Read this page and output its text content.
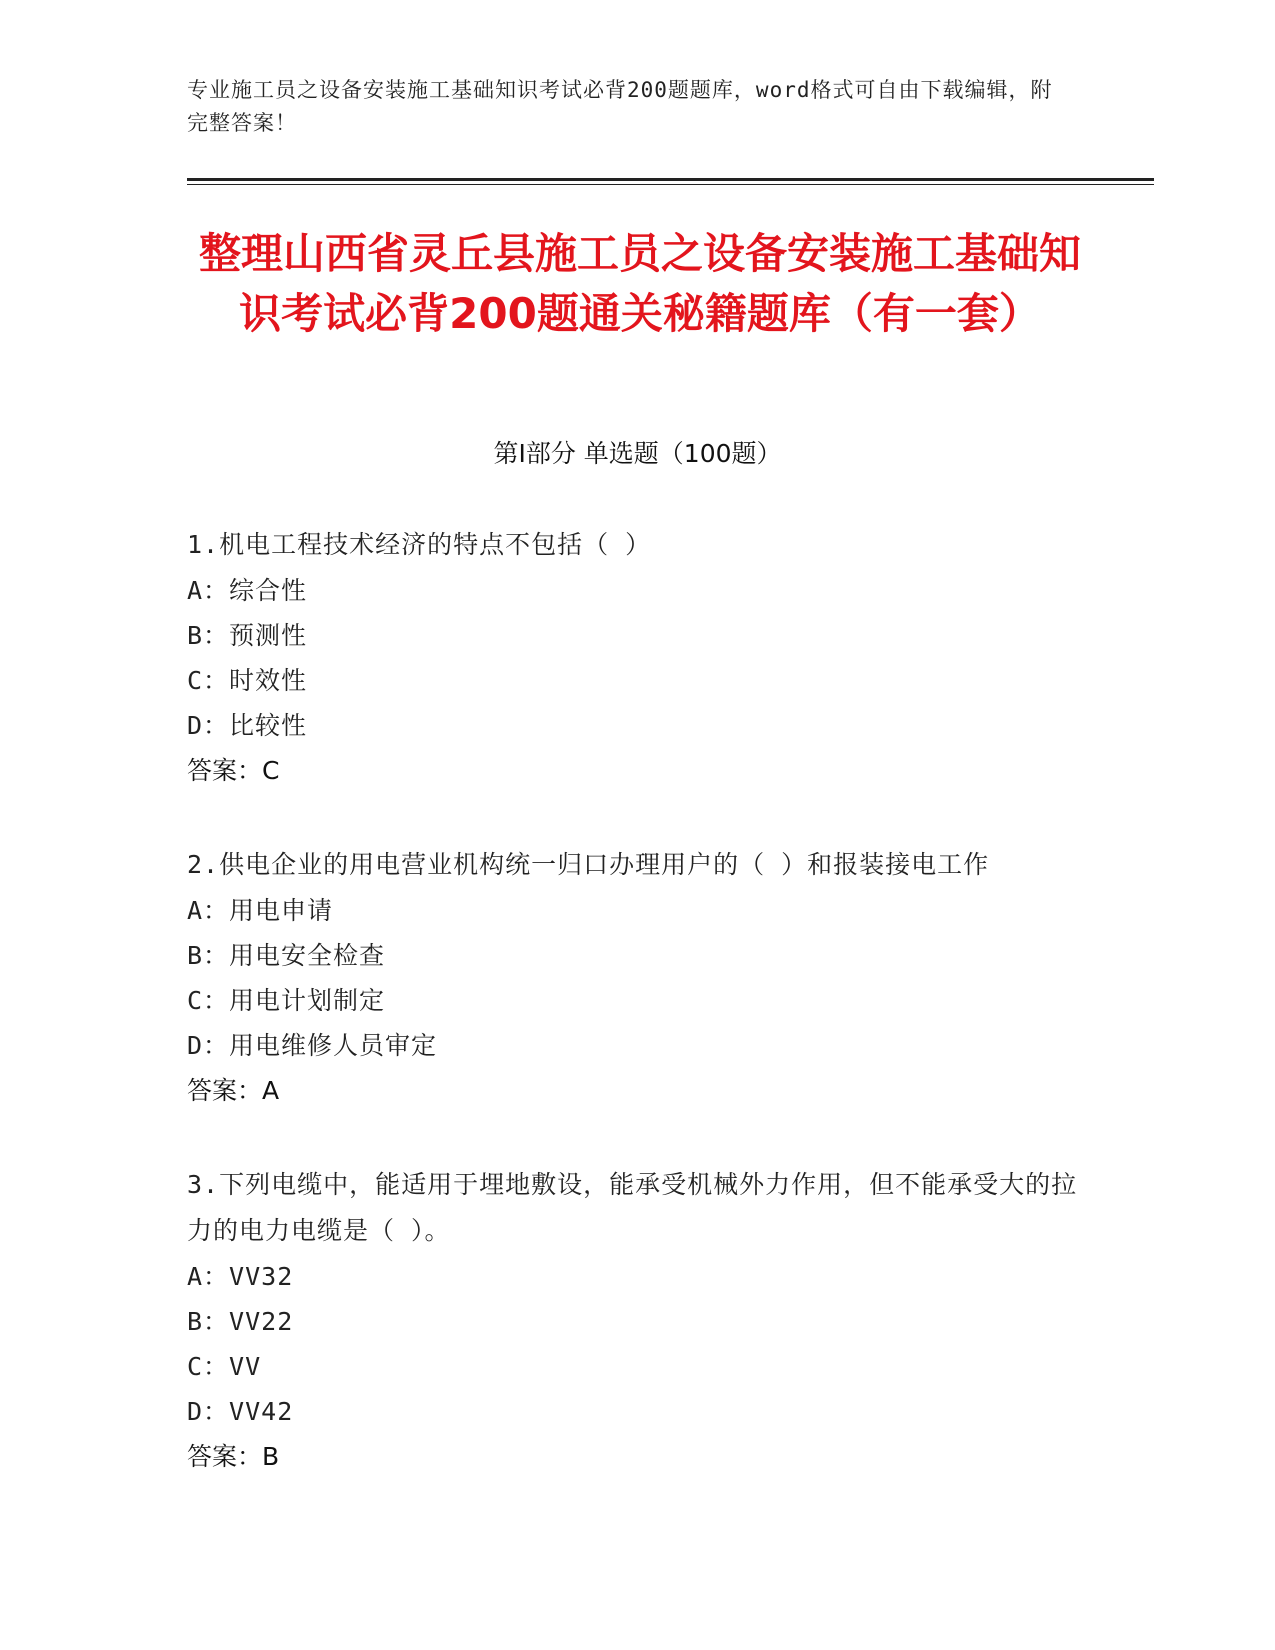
专业施工员之设备安装施工基础知识考试必背200题题库，word格式可自由下载编辑，附完整答案！
整理山西省灵丘县施工员之设备安装施工基础知识考试必背200题通关秘籍题库（有一套）
第I部分 单选题（100题）
1.机电工程技术经济的特点不包括（ ）
A：综合性
B：预测性
C：时效性
D：比较性
答案：C
2.供电企业的用电营业机构统一归口办理用户的（ ）和报装接电工作
A：用电申请
B：用电安全检查
C：用电计划制定
D：用电维修人员审定
答案：A
3.下列电缆中，能适用于埋地敷设，能承受机械外力作用，但不能承受大的拉力的电力电缆是（ ）。
A：VV32
B：VV22
C：VV
D：VV42
答案：B
